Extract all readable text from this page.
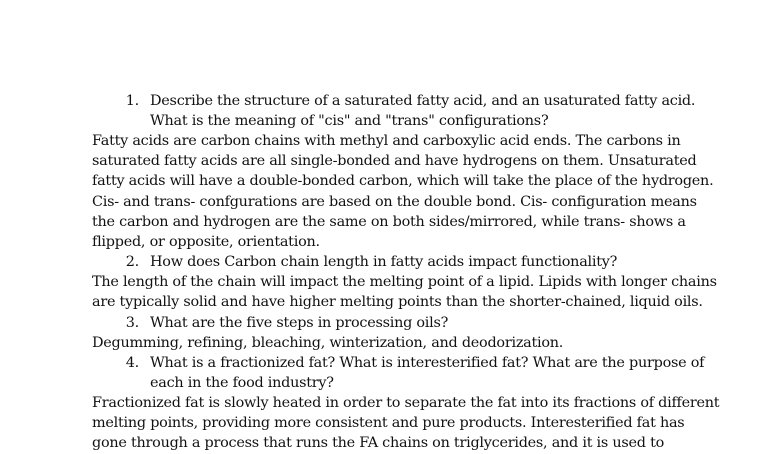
1. Describe the structure of a saturated fatty acid, and an usaturated fatty acid.
What is the meaning of "cis" and "trans" configurations?
Fatty acids are carbon chains with methyl and carboxylic acid ends. The carbons in
saturated fatty acids are all single-bonded and have hydrogens on them. Unsaturated
fatty acids will have a double-bonded carbon, which will take the place of the hydrogen.
Cis- and trans- confgurations are based on the double bond. Cis- configuration means
the carbon and hydrogen are the same on both sides/mirrored, while trans- shows a
flipped, or opposite, orientation.
2. How does Carbon chain length in fatty acids impact functionality?
The length of the chain will impact the melting point of a lipid. Lipids with longer chains
are typically solid and have higher melting points than the shorter-chained, liquid oils.
3. What are the five steps in processing oils?
Degumming, refining, bleaching, winterization, and deodorization.
4. What is a fractionized fat? What is interesterified fat? What are the purpose of
each in the food industry?
Fractionized fat is slowly heated in order to separate the fat into its fractions of different
melting points, providing more consistent and pure products. Interesterified fat has
gone through a process that runs the FA chains on triglycerides, and it is used to
